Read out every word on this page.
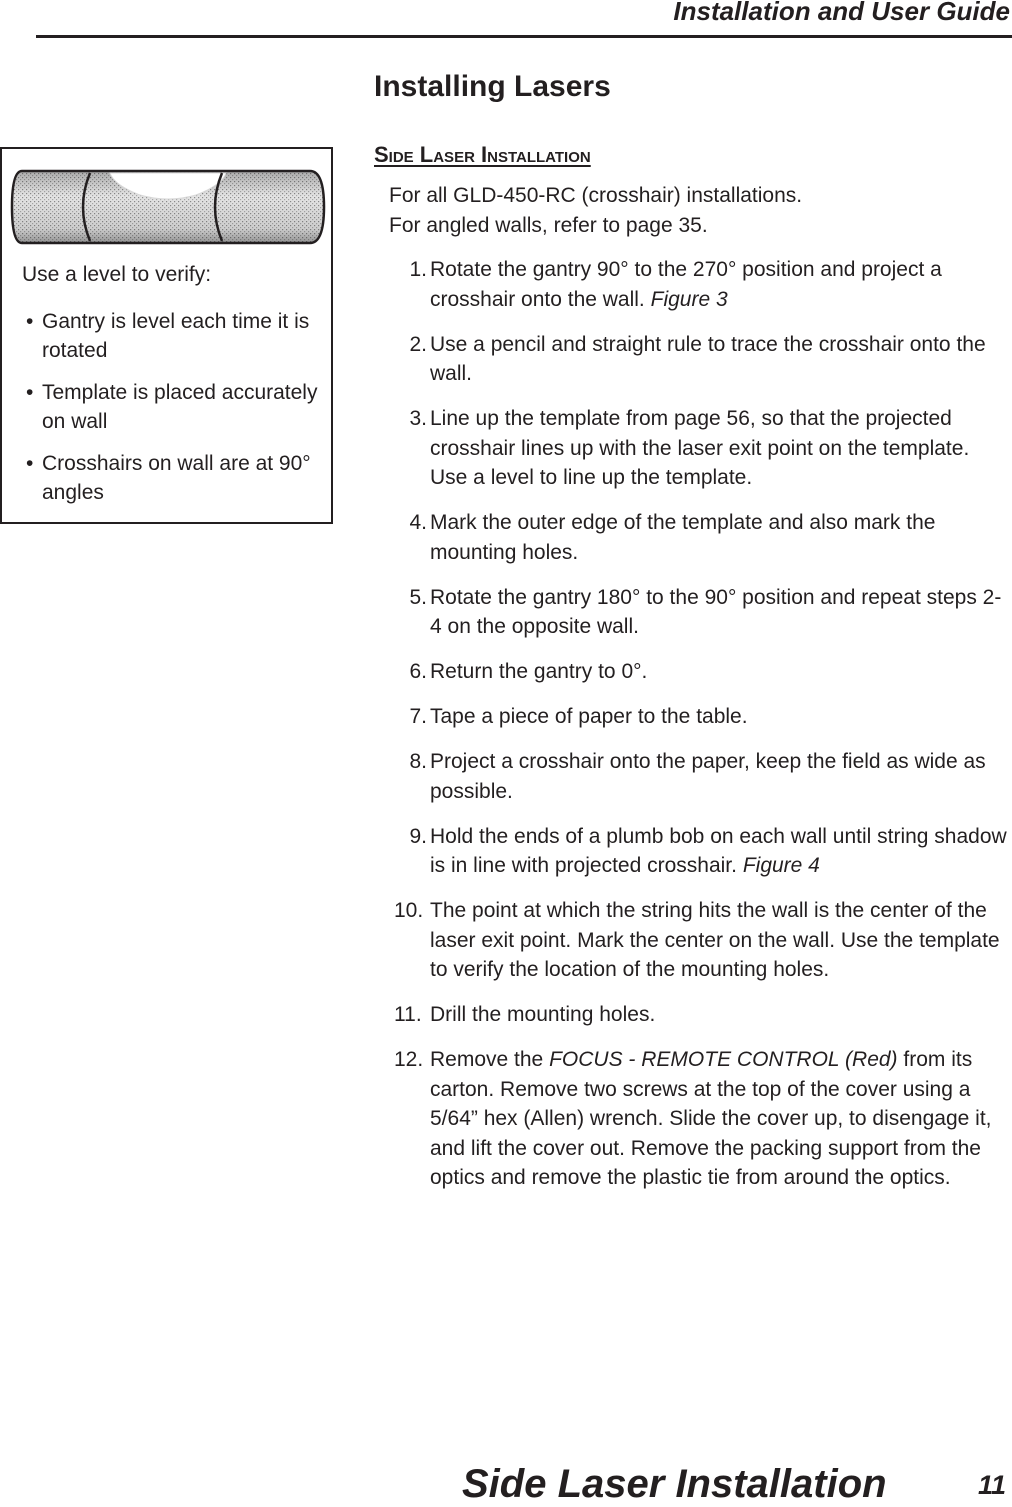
Installation and User Guide
Installing Lasers
Side Laser Installation
For all GLD-450-RC (crosshair) installations.
For angled walls, refer to page 35.
1 . Rotate the gantry 90° to the 270° position and project a crosshair onto the wall. Figure 3
2 . Use a pencil and straight rule to trace the crosshair onto the wall.
3 . Line up the template from page 56, so that the projected crosshair lines up with the laser exit point on the template. Use a level to line up the template.
4 . Mark the outer edge of the template and also mark the mounting holes.
5 . Rotate the gantry 180° to the 90° position and repeat steps 2-4 on the opposite wall.
6 . Return the gantry to 0°.
7 . Tape a piece of paper to the table.
8 . Project a crosshair onto the paper, keep the field as wide as possible.
9 . Hold the ends of a plumb bob on each wall until string shadow is in line with projected crosshair. Figure 4
10 . The point at which the string hits the wall is the center of the laser exit point. Mark the center on the wall. Use the template to verify the location of the mounting holes.
11 . Drill the mounting holes.
12 . Remove the FOCUS - REMOTE CONTROL (Red) from its carton. Remove two screws at the top of the cover using a 5/64” hex (Allen) wrench. Slide the cover up, to disengage it, and lift the cover out. Remove the packing support from the optics and remove the plastic tie from around the optics.
Use a level to verify:
• Gantry is level each time it is rotated
• Template is placed accurately on wall
• Crosshairs on wall are at 90° angles
Side Laser Installation	11
